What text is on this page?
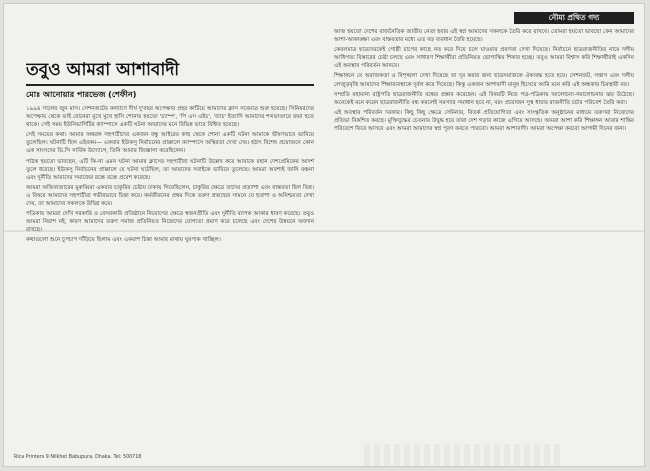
তবুও আমরা আশাবাদী
মোঃ আনোয়ার পারভেজ (শেফীন)

১৯৯৪ সালের জুন মাস। সেশনজটের কল্যাণে দীর্ঘ দু'বছর অপেক্ষার প্রহর কাটিয়ে আমাদের ক্লাস সবেমাত্র শুরু হয়েছে। সিনিয়রদের অপেক্ষায় থেকে ভাই বোনেরা মুখে মুখে হাসি শোনায় হয়তো 'চ্যাম্প', 'পি এস এইচ', 'ব্যাচ' ইত্যাদি আমাদের শব্দভাণ্ডারে জমা হতে থাকে। সেই সময় ইউনিভার্সিটির ক্যাম্পাসে একটি ঘটনা আমাদের মনে বিভিন্ন ভাবে বিশ্বিত হয়েছে।

সেই সময়ের কথা। আমার অন্তরঙ্গ সহপাঠীদের একজন বন্ধু আইরের কাছ থেকে শোনা একটি ঘটনা আমাকে ভীষণভাবে ভাবিয়ে তুলেছিল। ঘটনাটি ছিল এইরকম— একবার ইঊকসু নির্বাচনের প্রাক্কালে ক্যাম্পাসে অস্থিরতা দেখা দেয়। হঠাৎ বিশেষ প্রয়োজনে কোন এক সাংসদের ডি.সি সার্বিক উদ্যোগে, তিনি আমার জিজ্ঞাসা করেছিলেন।

পাঠক হয়তো ভাবছেন, এটি কি-না এমন ঘটনা আমার ক্লাসের সহপাঠীরা ঘটনাটি উল্লেখ করে আমাকে মহান দেশপ্রেমিকের আদর্শ তুলে ধরেছে। ইঊকসু নির্বাচনের প্রাক্কালে যে ঘটনা ঘটেছিল, তা আমাদের সবাইকে ভাবিয়ে তুলেছে। আমরা অবশ্যই জানি বঞ্চনা এবং দুর্নীতি আমাদের সমাজের রন্ধ্রে রন্ধ্রে প্রবেশ করেছে।

আমরা অজিবাজারের মুরুব্বিরা একবার চাকুরির চেষ্টায় ঢাকায় গিয়েছিলেন, চাকুরির ক্ষেত্রে তাদের প্রত্যাশা এবং বাস্তবতা ছিল ভিন্ন। এ বিষয়ে আমাদের সহপাঠীরা গভীরভাবে চিন্তা করে। কর্মজীবনের প্রথম দিকে তরুণ প্রজন্মের সামনে যে হতাশা ও অনিশ্চয়তা দেখা দেয়, তা আমাদের সকলকে উদ্বিগ্ন করে।

পত্রিকায় আমরা দেখি সরকারি ও বেসরকারি প্রতিষ্ঠানে নিয়োগের ক্ষেত্রে স্বজনপ্রীতি এবং দুর্নীতি ব্যাপক আকার ধারণ করেছে। তবুও আমরা নিরাশ নই, কারণ আমাদের তরুণ সমাজ প্রতিনিয়ত নিজেদের যোগ্যতা প্রমাণ করে চলেছে এবং দেশের উন্নয়নে অবদান রাখছে।

কথাগুলো শুনে চুপচাপ দাঁড়িয়ে ছিলাম এবং একরাশ চিন্তা আমার মাথায় ঘুরপাক খাচ্ছিল।

নৌম্য প্রথিত গদ্য

আজ হয়তো দেশের রাজনৈতিক জাতীয় নেতা হবার এই স্বপ্ন আমাদের সকলকে তৈরি করে রাখবে। তোমরা হয়তো ভাবছো কেন আমাদের আশা-আকাঙ্ক্ষা এবং বাস্তবতার মধ্যে এত বড় ব্যবধান তৈরি হয়েছে।

কেবলমাত্র ছাত্রদেরকেই গোষ্ঠী চাপের কাছে নত করে দিয়ে চলে যাওয়ার প্রবণতা দেখা দিয়েছে। নির্বাচনে ছাত্ররাজনীতির নামে দলীয় আধিপত্য বিস্তারের চেষ্টা চলছে এবং সাধারণ শিক্ষার্থীরা প্রতিনিয়ত ভোগান্তির শিকার হচ্ছে। তবুও আমরা বিশ্বাস করি শিক্ষার্থীরাই একদিন এই অবস্থার পরিবর্তন আনবে।

শিক্ষাঙ্গনে যে অরাজকতা ও বিশৃঙ্খলা দেখা দিয়েছে তা দূর করার জন্য ছাত্রসমাজকে ঐক্যবদ্ধ হতে হবে। সেশনজট, সন্ত্রাস এবং দলীয় লেজুড়বৃত্তি আমাদের শিক্ষাব্যবস্থাকে দুর্বল করে দিয়েছে। কিন্তু একজন আশাবাদী মানুষ হিসেবে আমি মনে করি এই অন্ধকার চিরস্থায়ী নয়।

সম্প্রতি মহামান্য রাষ্ট্রপতি ছাত্ররাজনীতি বন্ধের প্রস্তাব করেছেন। এই বিষয়টি নিয়ে পত্র-পত্রিকায় আলোচনা-সমালোচনার ঝড় উঠেছে। অনেকেই মনে করেন ছাত্ররাজনীতি বন্ধ করলেই সমস্যার সমাধান হবে না, বরং প্রয়োজন সুস্থ ধারার রাজনীতি চর্চার পরিবেশ তৈরি করা।

এই অবস্থার পরিবর্তন দরকার। কিছু কিছু ক্ষেত্রে সেমিনার, বিতর্ক প্রতিযোগিতা এবং সাংস্কৃতিক অনুষ্ঠানের মাধ্যমে তরুণরা নিজেদের প্রতিভা বিকশিত করছে। মুক্তিযুদ্ধের চেতনায় উদ্বুদ্ধ হয়ে তারা দেশ গড়ার কাজে এগিয়ে আসছে। আমরা আশা করি শিক্ষাঙ্গন আবার শান্তির পরিবেশে ফিরে আসবে এবং আমরা আমাদের স্বপ্ন পূরণ করতে পারবো। আমরা আশাবাদী। আমরা অপেক্ষা করবো আগামী দিনের জন্য।

Rica Printers 9 Nilkhet Babupura, Dhaka. Tel: 500718
